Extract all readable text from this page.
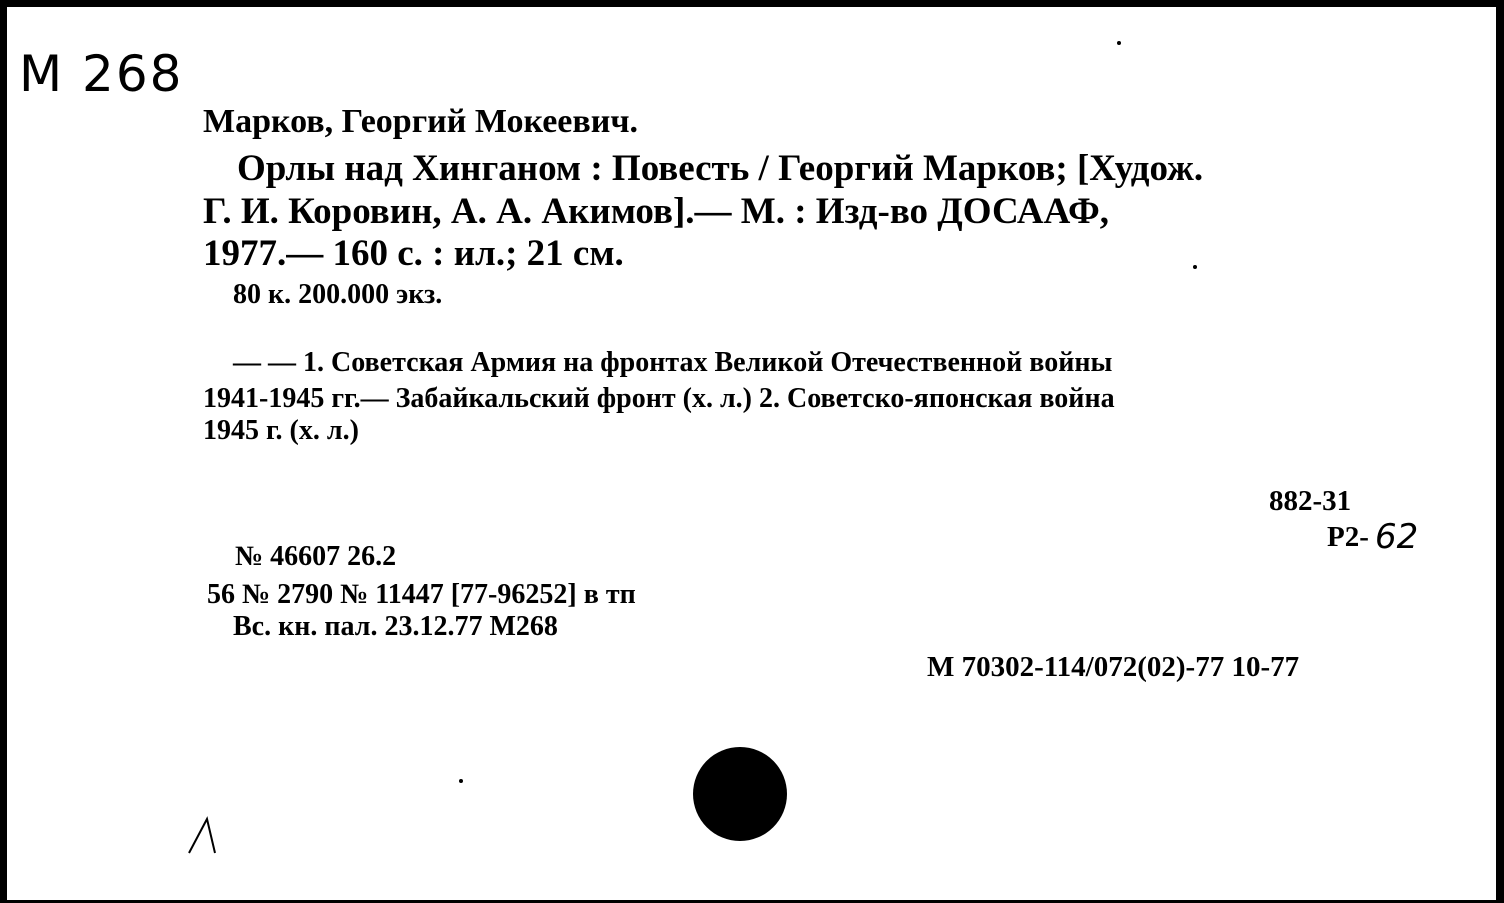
М 268
Марков, Георгий Мокеевич.
Орлы над Хинганом : Повесть / Георгий Марков; [Худож.
Г. И. Коровин, А. А. Акимов].— М. : Изд-во ДОСААФ,
1977.— 160 с. : ил.; 21 см.
80 к. 200.000 экз.
— — 1. Советская Армия на фронтах Великой Отечественной войны
1941-1945 гг.— Забайкальский фронт (х. л.) 2. Советско-японская война
1945 г. (х. л.)
882-31
Р2- 62
№ 46607 26.2
56 № 2790 № 11447 [77-96252] в тп
Вс. кн. пал. 23.12.77 М268
М 70302-114/072(02)-77 10-77
